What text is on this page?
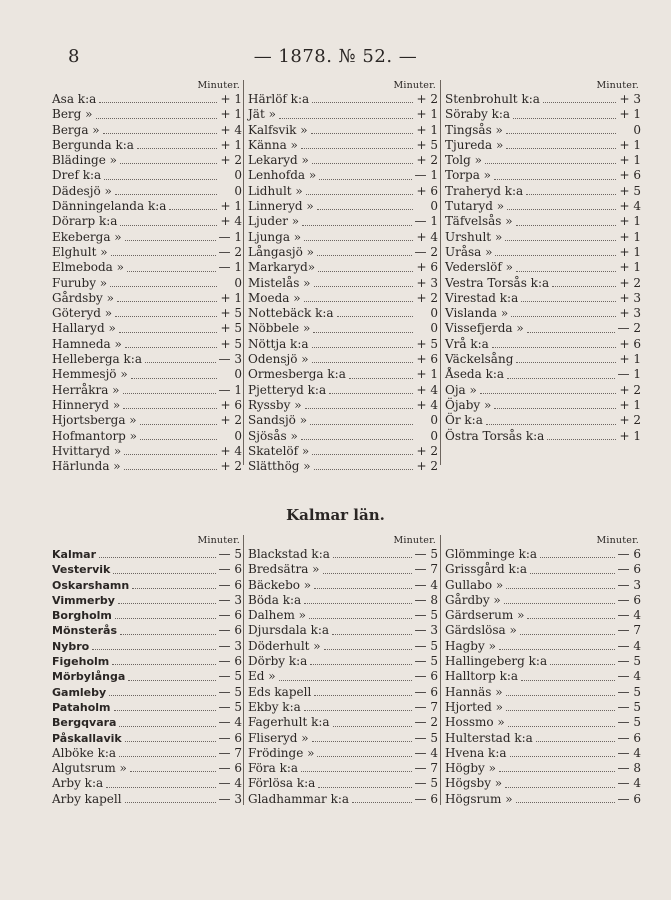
8	— 1878. № 52. —
Minuter.
Asa k:a	+ 1
Berg »	+ 1
Berga »	+ 4
Bergunda k:a	+ 1
Blädinge »	+ 2
Dref k:a	0
Dädesjö »	0
Dänningelanda k:a	+ 1
Dörarp k:a	+ 4
Ekeberga »	— 1
Elghult »	— 2
Elmeboda »	— 1
Furuby »	0
Gårdsby »	+ 1
Göteryd »	+ 5
Hallaryd »	+ 5
Hamneda »	+ 5
Helleberga k:a	— 3
Hemmesjö »	0
Herråkra »	— 1
Hinneryd »	+ 6
Hjortsberga »	+ 2
Hofmantorp »	0
Hvittaryd »	+ 4
Härlunda »	+ 2
Minuter.
Härlöf k:a	+ 2
Jät »	+ 1
Kalfsvik »	+ 1
Känna »	+ 5
Lekaryd »	+ 2
Lenhofda »	— 1
Lidhult »	+ 6
Linneryd »	0
Ljuder »	— 1
Ljunga »	+ 4
Långasjö »	— 2
Markaryd»	+ 6
Mistelås »	+ 3
Moeda »	+ 2
Nottebäck k:a	0
Nöbbele »	0
Nöttja k:a	+ 5
Odensjö »	+ 6
Ormesberga k:a	+ 1
Pjetteryd k:a	+ 4
Ryssby »	+ 4
Sandsjö »	0
Sjösås »	0
Skatelöf »	+ 2
Slätthög »	+ 2
Minuter.
Stenbrohult k:a	+ 3
Söraby k:a	+ 1
Tingsås »	0
Tjureda »	+ 1
Tolg »	+ 1
Torpa »	+ 6
Traheryd k:a	+ 5
Tutaryd »	+ 4
Täfvelsås »	+ 1
Urshult »	+ 1
Uråsa »	+ 1
Vederslöf »	+ 1
Vestra Torsås k:a	+ 2
Virestad k:a	+ 3
Vislanda »	+ 3
Vissefjerda »	— 2
Vrå k:a	+ 6
Väckelsång	+ 1
Åseda k:a	— 1
Oja »	+ 2
Öjaby »	+ 1
Ör k:a	+ 2
Östra Torsås k:a	+ 1
Kalmar län.
Minuter.
Kalmar	— 5
Vestervik	— 6
Oskarshamn	— 6
Vimmerby	— 3
Borgholm	— 6
Mönsterås	— 6
Nybro	— 3
Figeholm	— 6
Mörbylånga	— 5
Gamleby	— 5
Pataholm	— 5
Bergqvara	— 4
Påskallavik	— 6
Alböke k:a	— 7
Algutsrum »	— 6
Arby k:a	— 4
Arby kapell	— 3
Minuter.
Blackstad k:a	— 5
Bredsätra »	— 7
Bäckebo »	— 4
Böda k:a	— 8
Dalhem »	— 5
Djursdala k:a	— 3
Döderhult »	— 5
Dörby k:a	— 5
Ed »	— 6
Eds kapell	— 6
Ekby k:a	— 7
Fagerhult k:a	— 2
Fliseryd »	— 5
Frödinge »	— 4
Föra k:a	— 7
Förlösa k:a	— 5
Gladhammar k:a	— 6
Minuter.
Glömminge k:a	— 6
Grissgård k:a	— 6
Gullabo »	— 3
Gårdby »	— 6
Gärdserum »	— 4
Gärdslösa »	— 7
Hagby »	— 4
Hallingeberg k:a	— 5
Halltorp k:a	— 4
Hannäs »	— 5
Hjorted »	— 5
Hossmo »	— 5
Hulterstad k:a	— 6
Hvena k:a	— 4
Högby »	— 8
Högsby »	— 4
Högsrum »	— 6
